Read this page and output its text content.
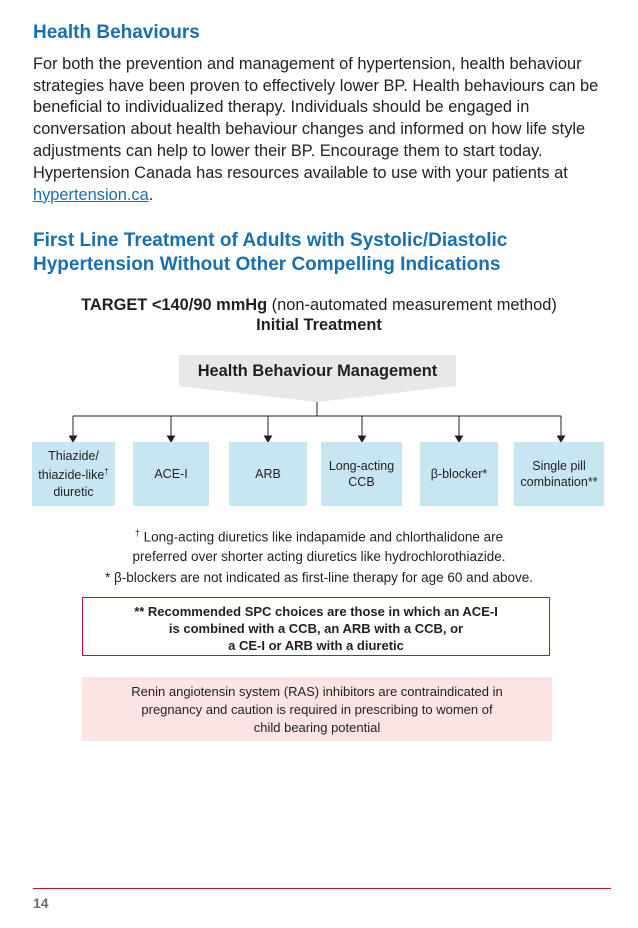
Health Behaviours

For both the prevention and management of hypertension, health behaviour strategies have been proven to effectively lower BP. Health behaviours can be beneficial to individualized therapy. Individuals should be engaged in conversation about health behaviour changes and informed on how life style adjustments can help to lower their BP. Encourage them to start today.

Hypertension Canada has resources available to use with your patients at
hypertension.ca.

First Line Treatment of Adults with Systolic/Diastolic
Hypertension Without Other Compelling Indications
TARGET <140/90 mmHg (non-automated measurement method)
Initial Treatment
Health Behaviour Management
Thiazide/
thiazide-like†
diuretic
ACE-I	ARB
Long-acting
CCB
β-blocker*
Single pill
combination**
† Long-acting diuretics like indapamide and chlorthalidone are
preferred over shorter acting diuretics like hydrochlorothiazide.
* β-blockers are not indicated as first-line therapy for age 60 and above.
** Recommended SPC choices are those in which an ACE-I
is combined with a CCB, an ARB with a CCB, or
a CE-I or ARB with a diuretic
Renin angiotensin system (RAS) inhibitors are contraindicated in
pregnancy and caution is required in prescribing to women of
child bearing potential
14
